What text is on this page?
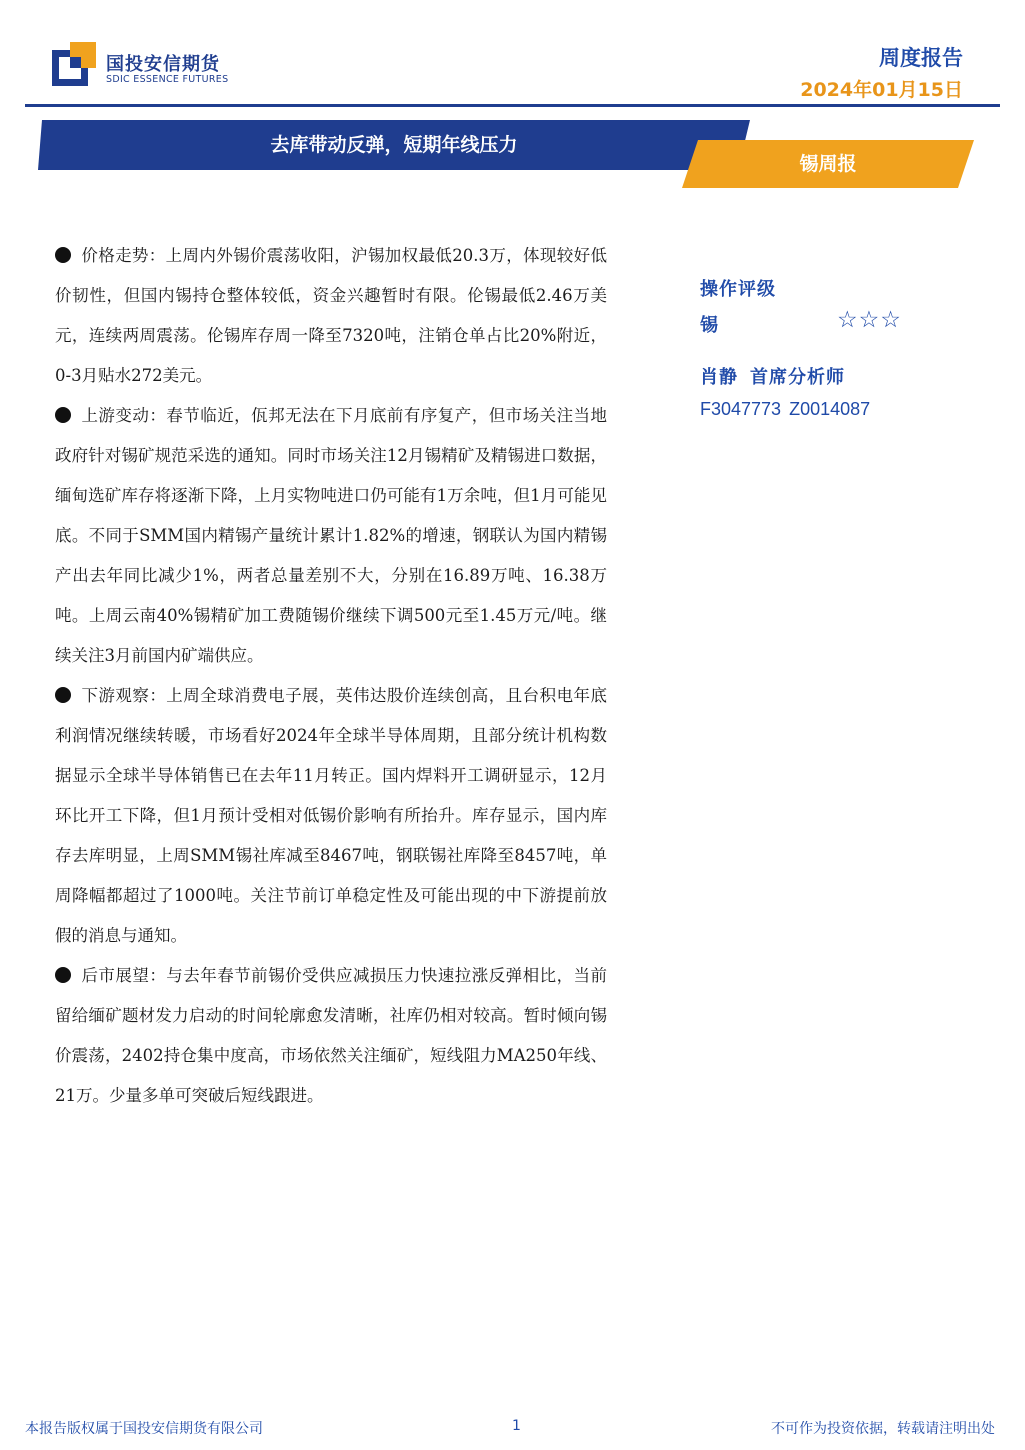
国投安信期货
SDIC ESSENCE FUTURES
周度报告
2024年01月15日
去库带动反弹，短期年线压力
锡周报

价格走势：上周内外锡价震荡收阳，沪锡加权最低20.3万，体现较好低价韧性，但国内锡持仓整体较低，资金兴趣暂时有限。伦锡最低2.46万美元，连续两周震荡。伦锡库存周一降至7320吨，注销仓单占比20%附近，0-3月贴水272美元。

上游变动：春节临近，佤邦无法在下月底前有序复产，但市场关注当地政府针对锡矿规范采选的通知。同时市场关注12月锡精矿及精锡进口数据，缅甸选矿库存将逐渐下降，上月实物吨进口仍可能有1万余吨，但1月可能见底。不同于SMM国内精锡产量统计累计1.82%的增速，钢联认为国内精锡产出去年同比减少1%，两者总量差别不大，分别在16.89万吨、16.38万吨。上周云南40%锡精矿加工费随锡价继续下调500元至1.45万元/吨。继续关注3月前国内矿端供应。

下游观察：上周全球消费电子展，英伟达股价连续创高，且台积电年底利润情况继续转暖，市场看好2024年全球半导体周期，且部分统计机构数据显示全球半导体销售已在去年11月转正。国内焊料开工调研显示，12月环比开工下降，但1月预计受相对低锡价影响有所抬升。库存显示，国内库存去库明显，上周SMM锡社库减至8467吨，钢联锡社库降至8457吨，单周降幅都超过了1000吨。关注节前订单稳定性及可能出现的中下游提前放假的消息与通知。

后市展望：与去年春节前锡价受供应减损压力快速拉涨反弹相比，当前留给缅矿题材发力启动的时间轮廓愈发清晰，社库仍相对较高。暂时倾向锡价震荡，2402持仓集中度高，市场依然关注缅矿，短线阻力MA250年线、21万。少量多单可突破后短线跟进。

操作评级
锡	☆☆☆
肖静 首席分析师
F3047773 Z0014087
本报告版权属于国投安信期货有限公司	1	不可作为投资依据，转载请注明出处
